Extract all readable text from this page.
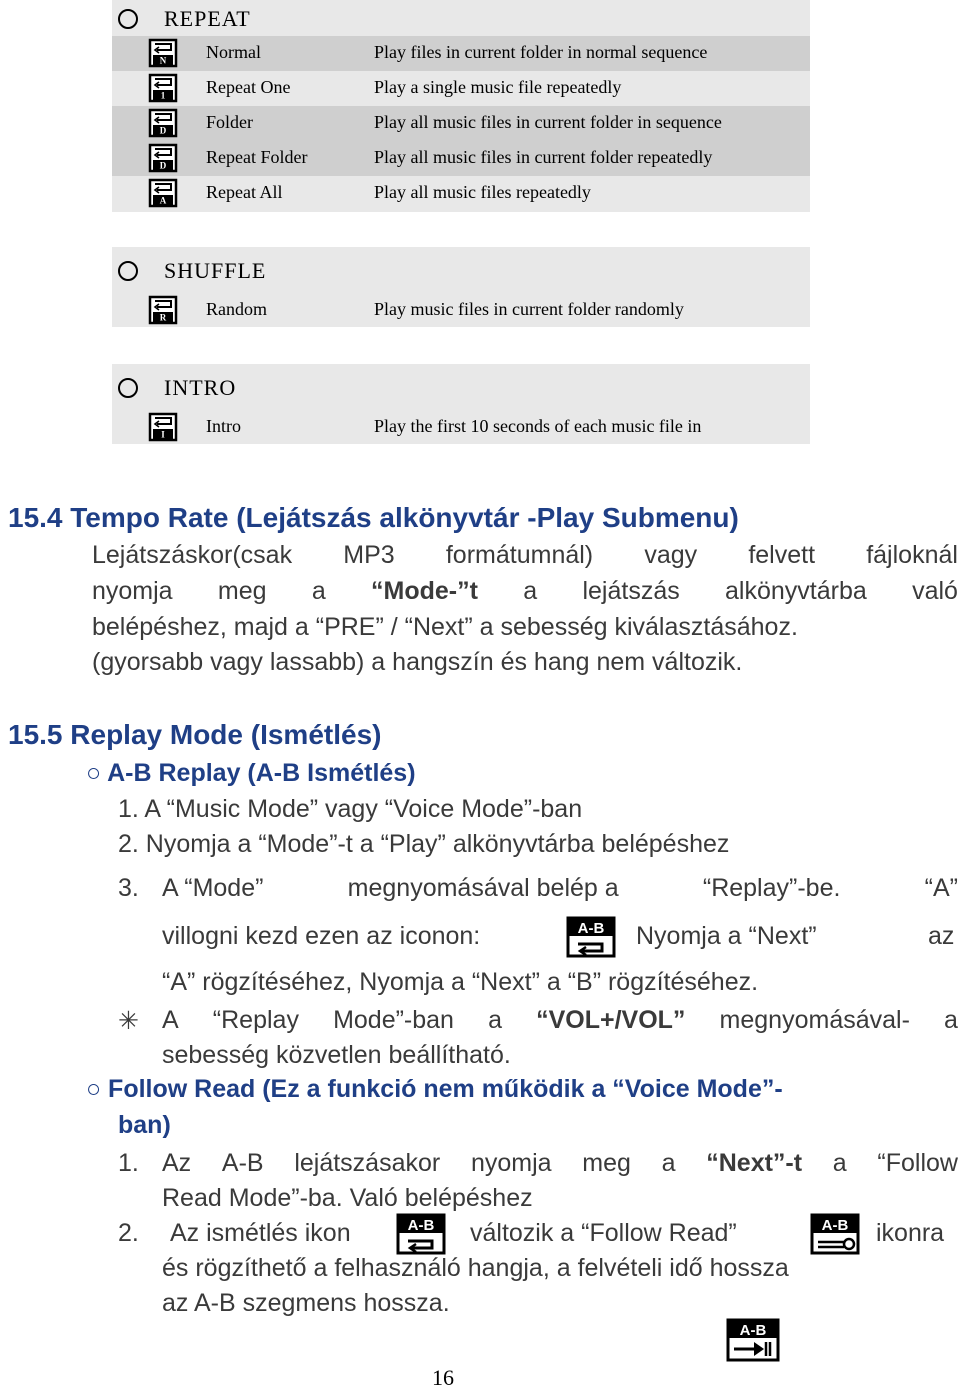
REPEAT
N Normal	Play files in current folder in normal sequence
1 Repeat One	Play a single music file repeatedly
D Folder	Play all music files in current folder in sequence
D Repeat Folder	Play all music files in current folder repeatedly
A Repeat All	Play all music files repeatedly
SHUFFLE
R Random	Play music files in current folder randomly
INTRO
I Intro	Play the first 10 seconds of each music file in
15.4 Tempo Rate (Lejátszás alkönyvtár -Play Submenu)
Lejátszáskor(csak MP3 formátumnál) vagy felvett fájloknál
nyomja meg a “Mode-”t a lejátszás alkönyvtárba való
belépéshez, majd a “PRE” / “Next” a sebesség kiválasztásához.
(gyorsabb vagy lassabb) a hangszín és hang nem változik.
15.5 Replay Mode (Ismétlés)
○ A-B Replay (A-B Ismétlés)
1. A “Music Mode” vagy “Voice Mode”-ban
2. Nyomja a “Mode”-t a “Play” alkönyvtárba belépéshez
3. A “Mode”	megnyomásával belép a	“Replay”-be.	“A”
villogni kezd ezen az iconon:	A-B Nyomja a “Next”	az
“A” rögzítéséhez, Nyomja a “Next” a “B” rögzítéséhez.
✳ A “Replay Mode”-ban a “VOL+/VOL” megnyomásával- a
sebesség közvetlen beállítható.
○ Follow Read (Ez a funkció nem működik a “Voice Mode”-
ban)
1. Az A-B lejátszásakor nyomja meg a “Next”-t a “Follow
Read Mode”-ba. Való belépéshez
2. Az ismétlés ikon	A-B változik a “Follow Read”	A-B ikonra
és rögzíthető a felhasználó hangja, a felvételi idő hossza
az A-B szegmens hossza.
A-B
16
